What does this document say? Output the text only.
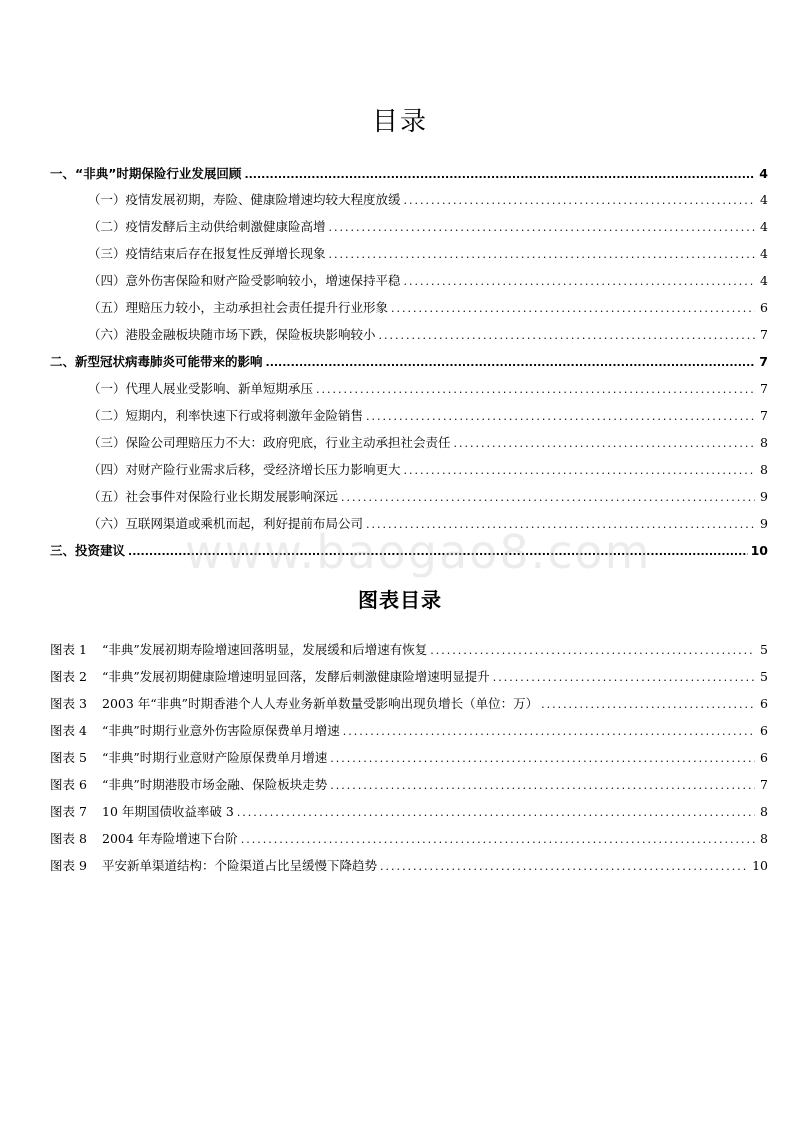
目录
一、“非典”时期保险行业发展回顾 .....	4
（一）疫情发展初期，寿险、健康险增速均较大程度放缓 .....	4
（二）疫情发酵后主动供给刺激健康险高增 .....	4
（三）疫情结束后存在报复性反弹增长现象 .....	4
（四）意外伤害保险和财产险受影响较小，增速保持平稳 .....	4
（五）理赔压力较小，主动承担社会责任提升行业形象 .....	6
（六）港股金融板块随市场下跌，保险板块影响较小 .....	7
二、新型冠状病毒肺炎可能带来的影响 .....	7
（一）代理人展业受影响、新单短期承压 .....	7
（二）短期内，利率快速下行或将刺激年金险销售 .....	7
（三）保险公司理赔压力不大：政府兜底，行业主动承担社会责任 .....	8
（四）对财产险行业需求后移，受经济增长压力影响更大 .....	8
（五）社会事件对保险行业长期发展影响深远 .....	9
（六）互联网渠道或乘机而起，利好提前布局公司 .....	9
三、投资建议 .....	10
www.baogao8.com
图表目录
图表 1	“非典”发展初期寿险增速回落明显，发展缓和后增速有恢复 .....	5
图表 2	“非典”发展初期健康险增速明显回落，发酵后刺激健康险增速明显提升 .....	5
图表 3	2003 年“非典”时期香港个人人寿业务新单数量受影响出现负增长（单位：万） .....	6
图表 4	“非典”时期行业意外伤害险原保费单月增速 .....	6
图表 5	“非典”时期行业意财产险原保费单月增速 .....	6
图表 6	“非典”时期港股市场金融、保险板块走势 .....	7
图表 7	10 年期国债收益率破 3 .....	8
图表 8	2004 年寿险增速下台阶 .....	8
图表 9	平安新单渠道结构：个险渠道占比呈缓慢下降趋势 .....	10
